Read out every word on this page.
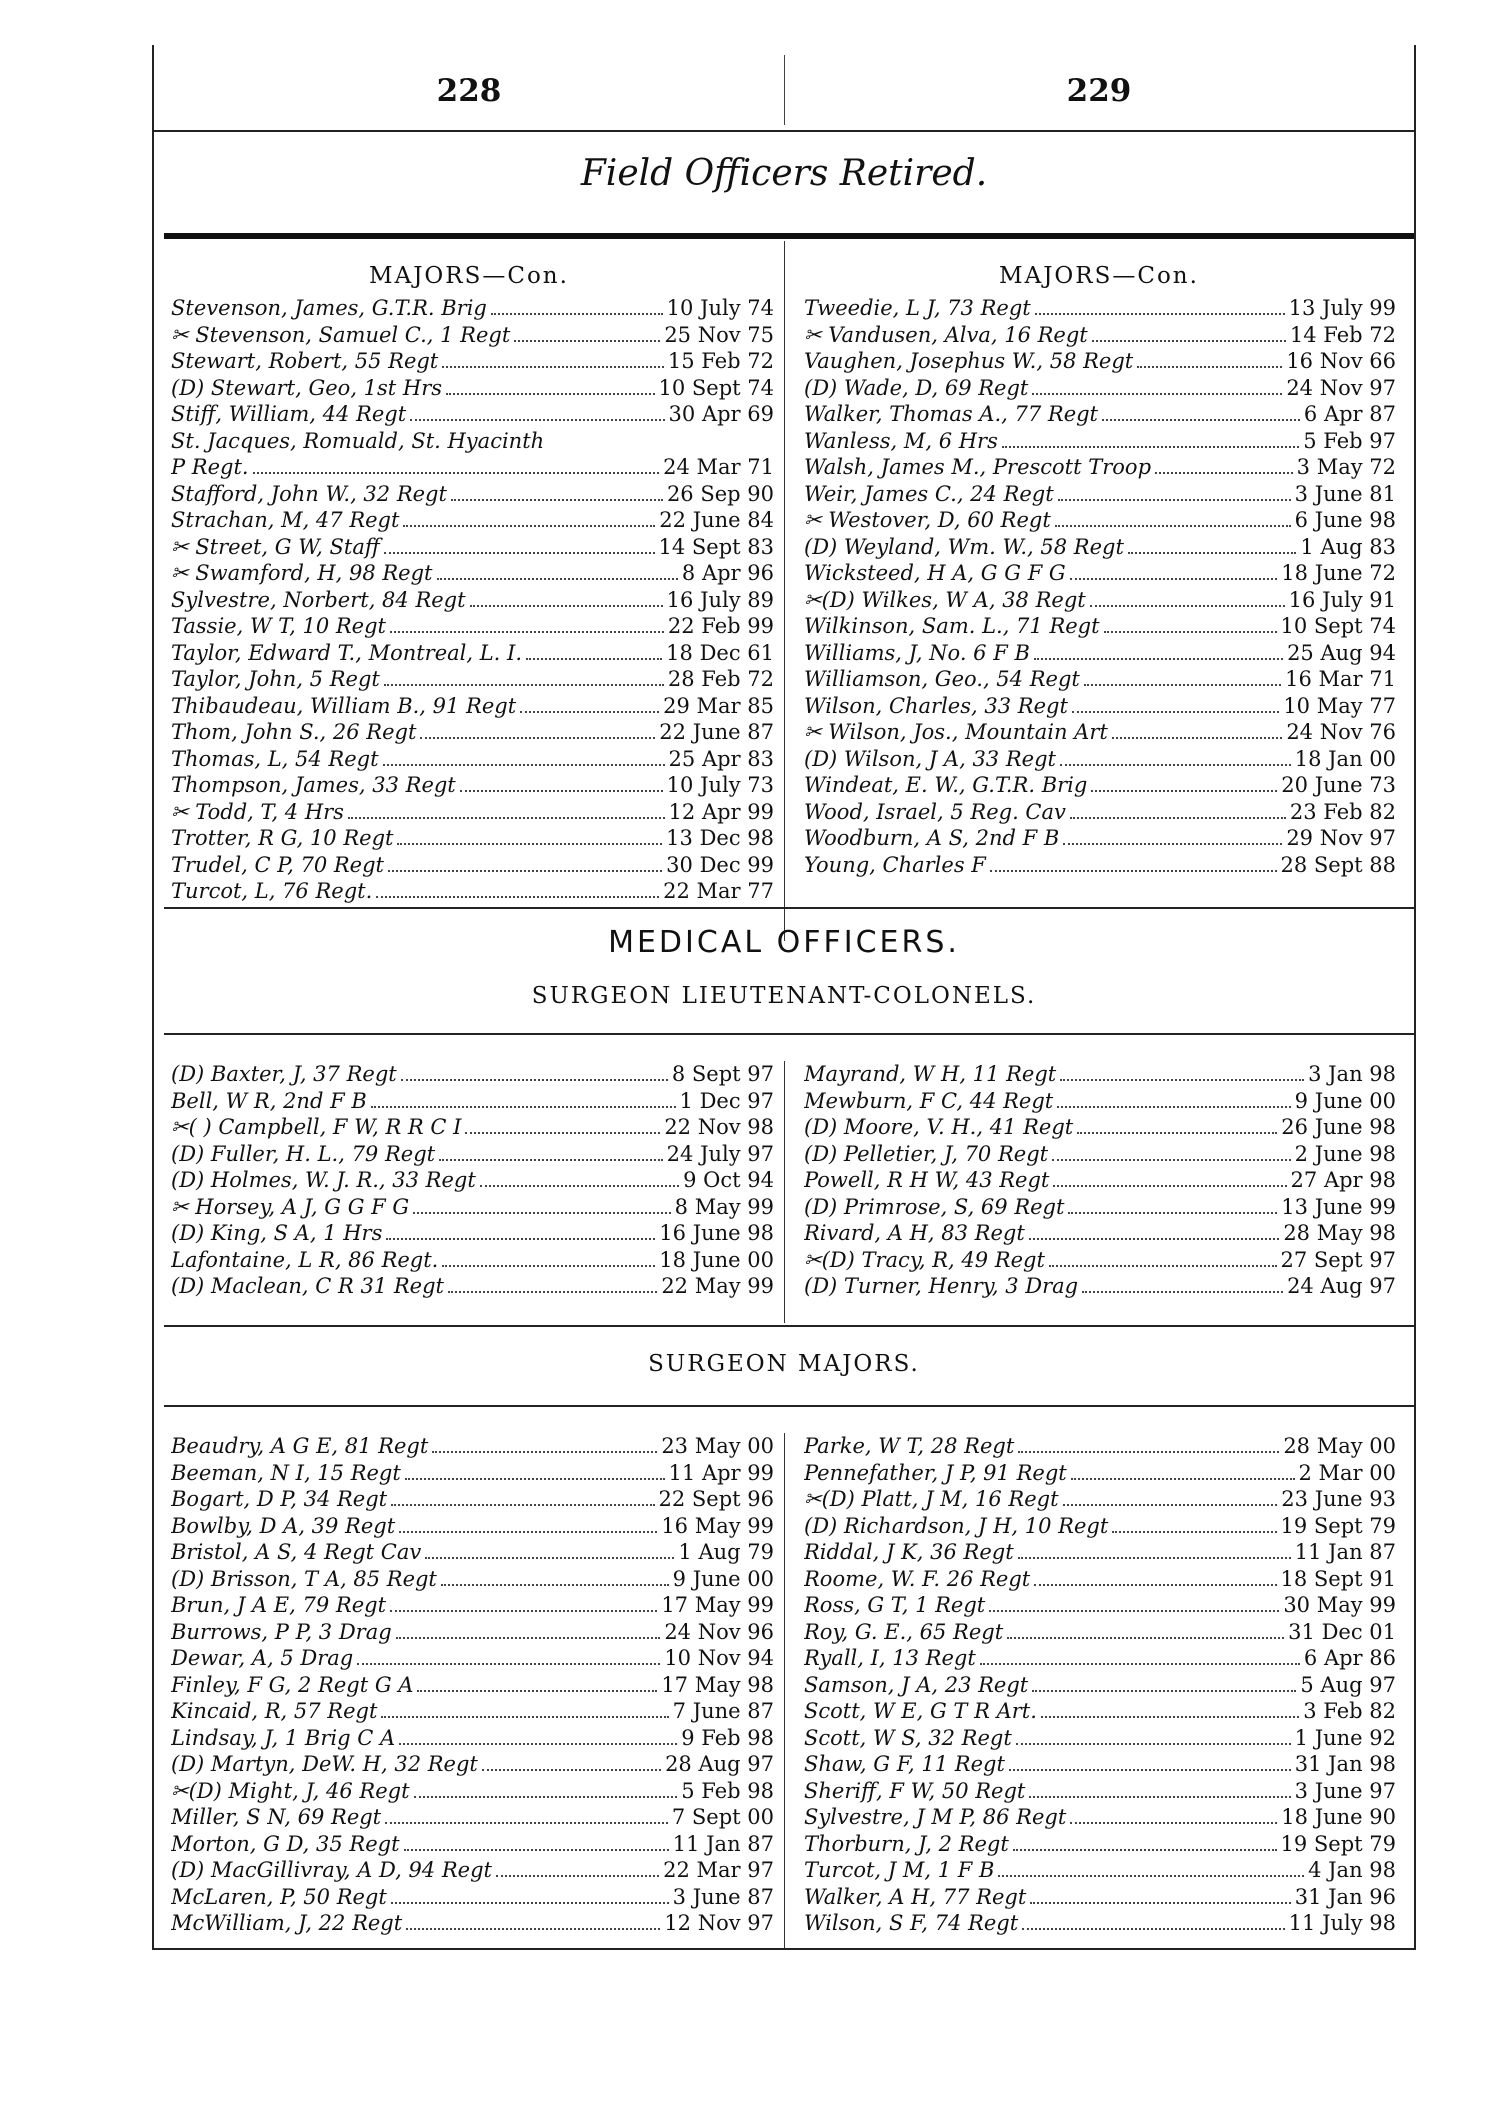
228	229
Field Officers Retired.
MAJORS—Con.
Stevenson, James, G.T.R. Brig	10 July 74
✂ Stevenson, Samuel C., 1 Regt	25 Nov 75
Stewart, Robert, 55 Regt	15 Feb 72
(D) Stewart, Geo, 1st Hrs	10 Sept 74
Stiff, William, 44 Regt	30 Apr 69
St. Jacques, Romuald, St. Hyacinth
P Regt.	24 Mar 71
Stafford, John W., 32 Regt	26 Sep 90
Strachan, M, 47 Regt	22 June 84
✂ Street, G W, Staff	14 Sept 83
✂ Swamford, H, 98 Regt	8 Apr 96
Sylvestre, Norbert, 84 Regt	16 July 89
Tassie, W T, 10 Regt	22 Feb 99
Taylor, Edward T., Montreal, L. I.	18 Dec 61
Taylor, John, 5 Regt	28 Feb 72
Thibaudeau, William B., 91 Regt	29 Mar 85
Thom, John S., 26 Regt	22 June 87
Thomas, L, 54 Regt	25 Apr 83
Thompson, James, 33 Regt	10 July 73
✂ Todd, T, 4 Hrs	12 Apr 99
Trotter, R G, 10 Regt	13 Dec 98
Trudel, C P, 70 Regt	30 Dec 99
Turcot, L, 76 Regt.	22 Mar 77
MAJORS—Con.
Tweedie, L J, 73 Regt	13 July 99
✂ Vandusen, Alva, 16 Regt	14 Feb 72
Vaughen, Josephus W., 58 Regt	16 Nov 66
(D) Wade, D, 69 Regt	24 Nov 97
Walker, Thomas A., 77 Regt	6 Apr 87
Wanless, M, 6 Hrs	5 Feb 97
Walsh, James M., Prescott Troop	3 May 72
Weir, James C., 24 Regt	3 June 81
✂ Westover, D, 60 Regt	6 June 98
(D) Weyland, Wm. W., 58 Regt	1 Aug 83
Wicksteed, H A, G G F G	18 June 72
✂(D) Wilkes, W A, 38 Regt	16 July 91
Wilkinson, Sam. L., 71 Regt	10 Sept 74
Williams, J, No. 6 F B	25 Aug 94
Williamson, Geo., 54 Regt	16 Mar 71
Wilson, Charles, 33 Regt	10 May 77
✂ Wilson, Jos., Mountain Art	24 Nov 76
(D) Wilson, J A, 33 Regt	18 Jan 00
Windeat, E. W., G.T.R. Brig	20 June 73
Wood, Israel, 5 Reg. Cav	23 Feb 82
Woodburn, A S, 2nd F B	29 Nov 97
Young, Charles F	28 Sept 88
MEDICAL OFFICERS.
SURGEON LIEUTENANT-COLONELS.
(D) Baxter, J, 37 Regt	8 Sept 97
Bell, W R, 2nd F B	1 Dec 97
✂( ) Campbell, F W, R R C I	22 Nov 98
(D) Fuller, H. L., 79 Regt	24 July 97
(D) Holmes, W. J. R., 33 Regt	9 Oct 94
✂ Horsey, A J, G G F G	8 May 99
(D) King, S A, 1 Hrs	16 June 98
Lafontaine, L R, 86 Regt.	18 June 00
(D) Maclean, C R 31 Regt	22 May 99
Mayrand, W H, 11 Regt	3 Jan 98
Mewburn, F C, 44 Regt	9 June 00
(D) Moore, V. H., 41 Regt	26 June 98
(D) Pelletier, J, 70 Regt	2 June 98
Powell, R H W, 43 Regt	27 Apr 98
(D) Primrose, S, 69 Regt	13 June 99
Rivard, A H, 83 Regt	28 May 98
✂(D) Tracy, R, 49 Regt	27 Sept 97
(D) Turner, Henry, 3 Drag	24 Aug 97
SURGEON MAJORS.
Beaudry, A G E, 81 Regt	23 May 00
Beeman, N I, 15 Regt	11 Apr 99
Bogart, D P, 34 Regt	22 Sept 96
Bowlby, D A, 39 Regt	16 May 99
Bristol, A S, 4 Regt Cav	1 Aug 79
(D) Brisson, T A, 85 Regt	9 June 00
Brun, J A E, 79 Regt	17 May 99
Burrows, P P, 3 Drag	24 Nov 96
Dewar, A, 5 Drag	10 Nov 94
Finley, F G, 2 Regt G A	17 May 98
Kincaid, R, 57 Regt	7 June 87
Lindsay, J, 1 Brig C A	9 Feb 98
(D) Martyn, DeW. H, 32 Regt	28 Aug 97
✂(D) Might, J, 46 Regt	5 Feb 98
Miller, S N, 69 Regt	7 Sept 00
Morton, G D, 35 Regt	11 Jan 87
(D) MacGillivray, A D, 94 Regt	22 Mar 97
McLaren, P, 50 Regt	3 June 87
McWilliam, J, 22 Regt	12 Nov 97
Parke, W T, 28 Regt	28 May 00
Pennefather, J P, 91 Regt	2 Mar 00
✂(D) Platt, J M, 16 Regt	23 June 93
(D) Richardson, J H, 10 Regt	19 Sept 79
Riddal, J K, 36 Regt	11 Jan 87
Roome, W. F. 26 Regt	18 Sept 91
Ross, G T, 1 Regt	30 May 99
Roy, G. E., 65 Regt	31 Dec 01
Ryall, I, 13 Regt	6 Apr 86
Samson, J A, 23 Regt	5 Aug 97
Scott, W E, G T R Art.	3 Feb 82
Scott, W S, 32 Regt	1 June 92
Shaw, G F, 11 Regt	31 Jan 98
Sheriff, F W, 50 Regt	3 June 97
Sylvestre, J M P, 86 Regt	18 June 90
Thorburn, J, 2 Regt	19 Sept 79
Turcot, J M, 1 F B	4 Jan 98
Walker, A H, 77 Regt	31 Jan 96
Wilson, S F, 74 Regt	11 July 98
